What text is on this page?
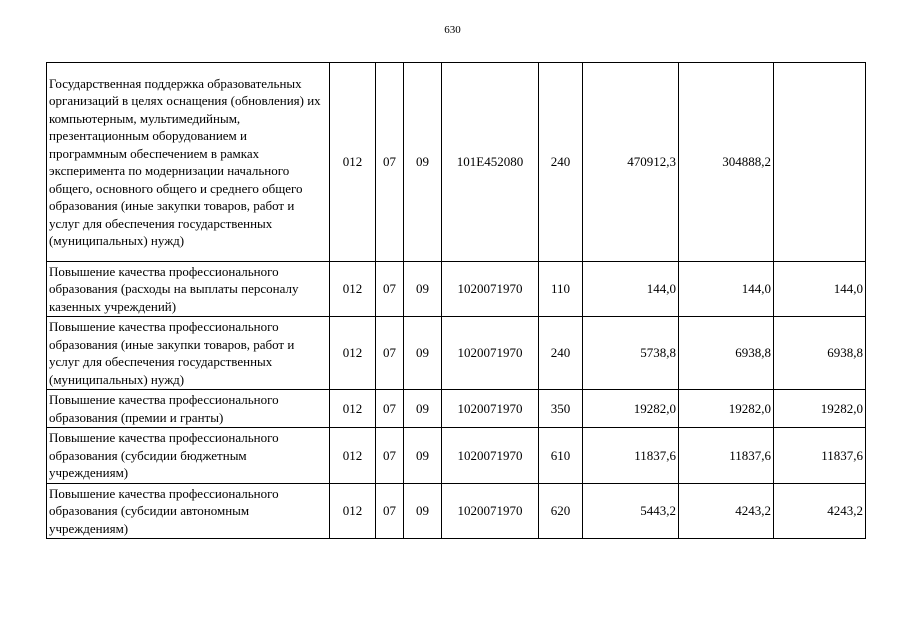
630
Государственная поддержка образовательных организаций в целях оснащения (обновления) их компьютерным, мультимедийным, презентационным оборудованием и программным обеспечением в рамках эксперимента по модернизации начального общего, основного общего и среднего общего образования (иные закупки товаров, работ и услуг для обеспечения государственных (муниципальных) нужд)	012	07	09	101E452080	240	470912,3	304888,2	
Повышение качества профессионального образования (расходы на выплаты персоналу казенных учреждений)	012	07	09	1020071970	110	144,0	144,0	144,0
Повышение качества профессионального образования (иные закупки товаров, работ и услуг для обеспечения государственных (муниципальных) нужд)	012	07	09	1020071970	240	5738,8	6938,8	6938,8
Повышение качества профессионального образования (премии и гранты)	012	07	09	1020071970	350	19282,0	19282,0	19282,0
Повышение качества профессионального образования (субсидии бюджетным учреждениям)	012	07	09	1020071970	610	11837,6	11837,6	11837,6
Повышение качества профессионального образования (субсидии автономным учреждениям)	012	07	09	1020071970	620	5443,2	4243,2	4243,2
